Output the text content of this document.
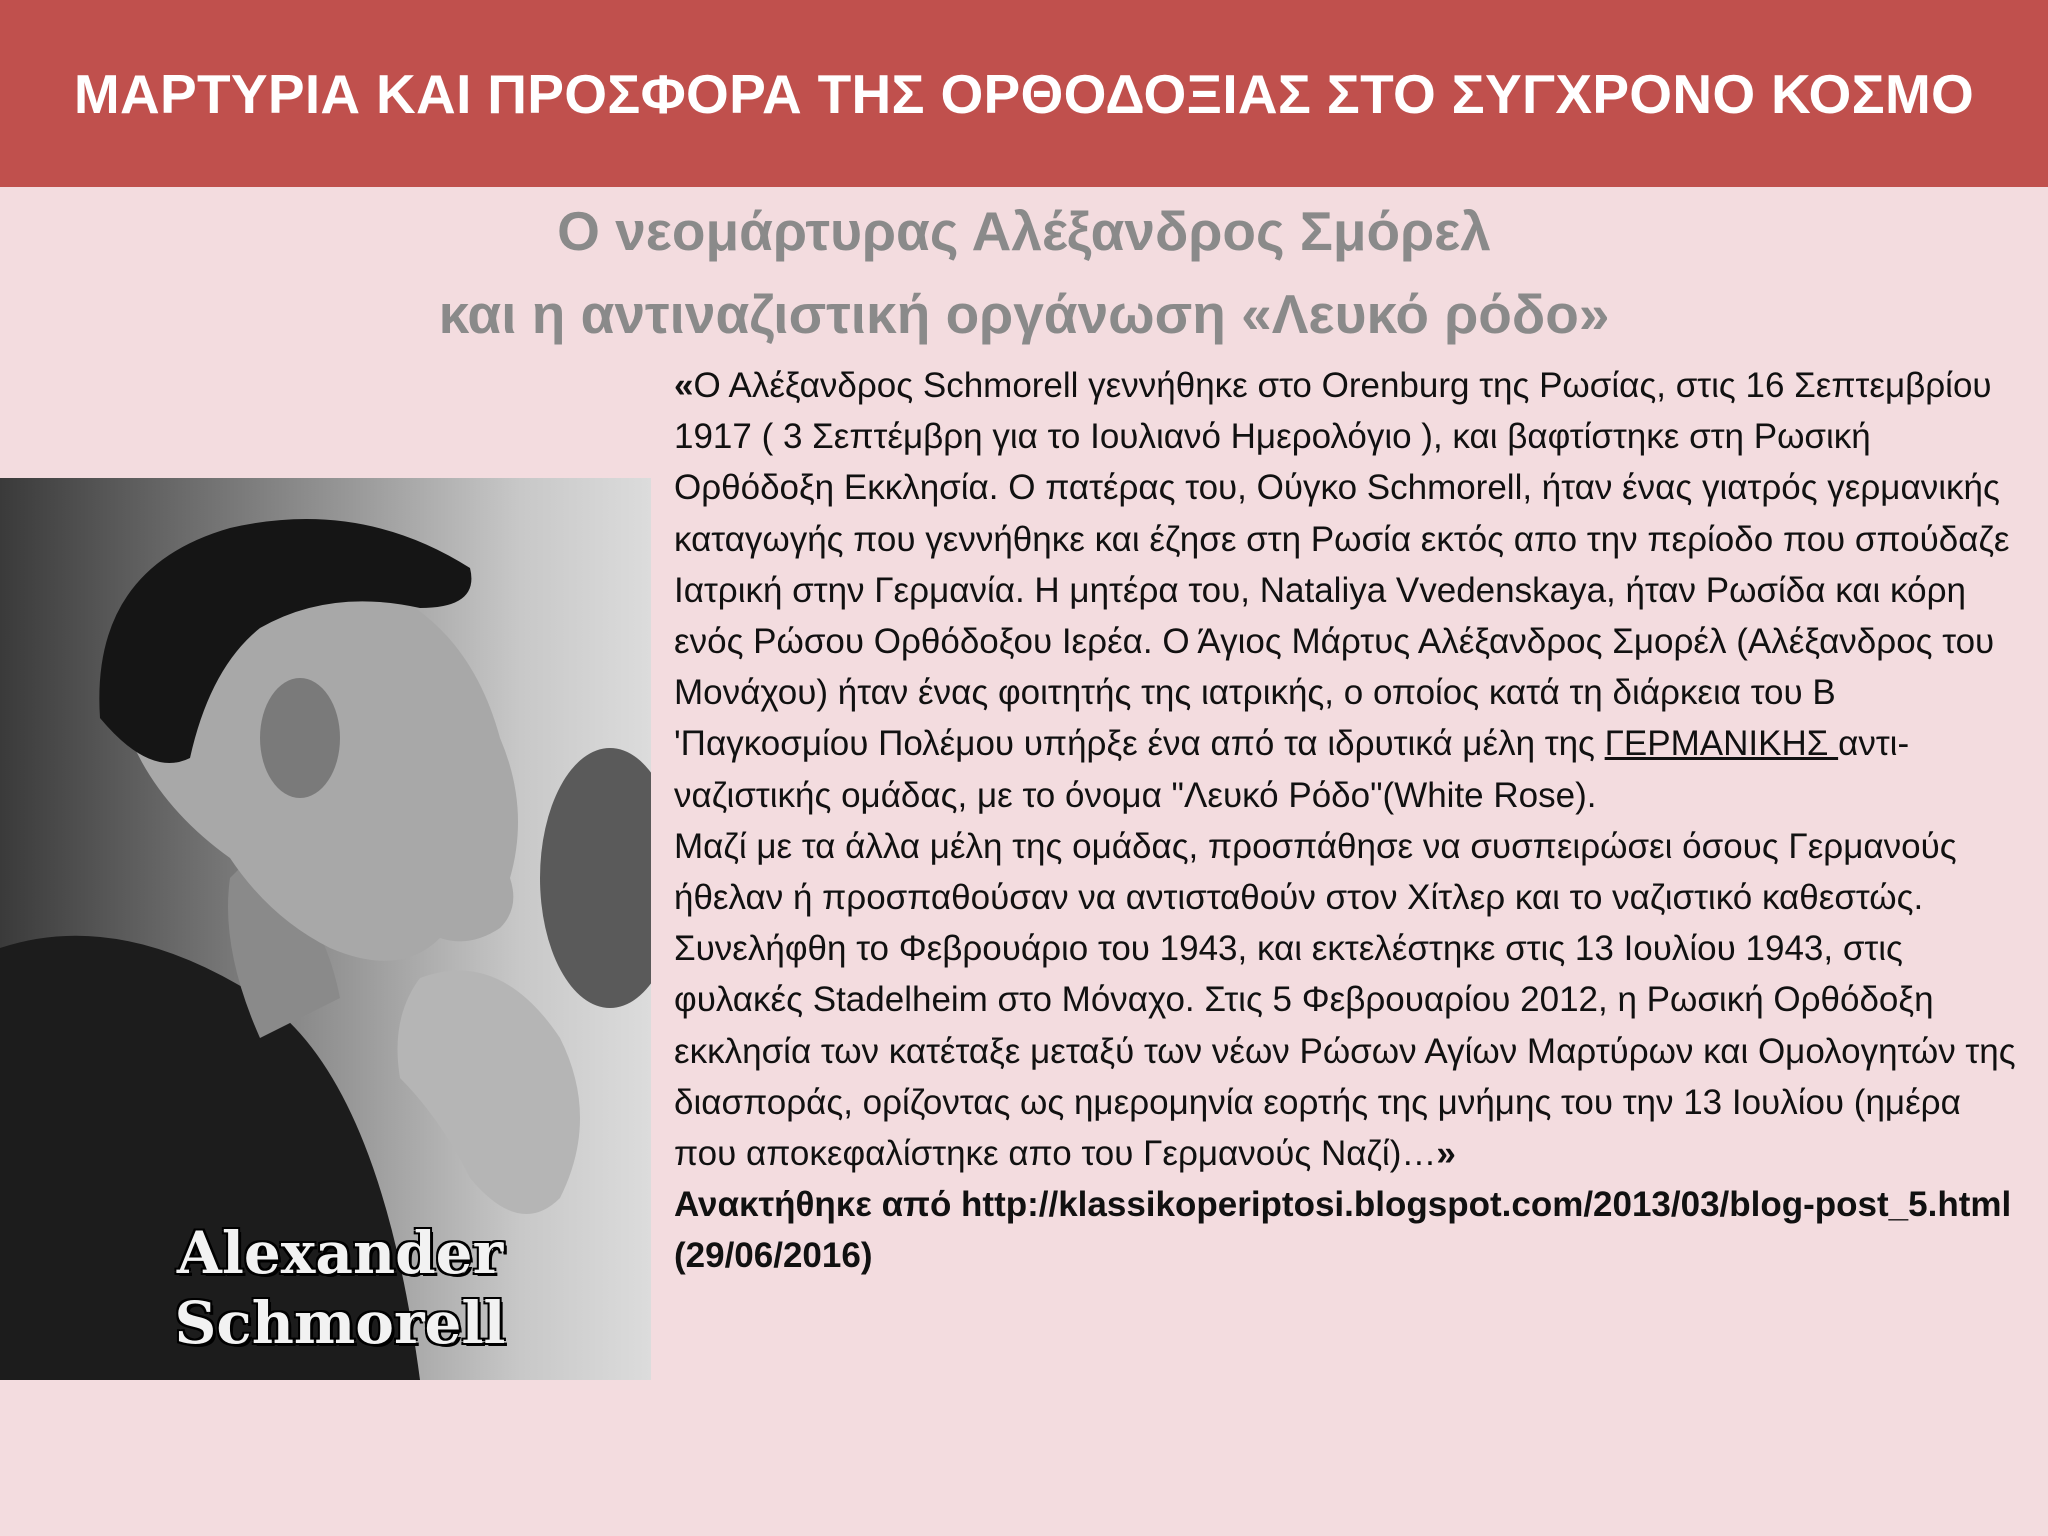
ΜΑΡΤΥΡΙΑ ΚΑΙ ΠΡΟΣΦΟΡΑ ΤΗΣ ΟΡΘΟΔΟΞΙΑΣ ΣΤΟ ΣΥΓΧΡΟΝΟ ΚΟΣΜΟ
Ο νεομάρτυρας Αλέξανδρος Σμόρελ
και η αντιναζιστική οργάνωση «Λευκό ρόδο»
Alexander
Schmorell

«Ο Αλέξανδρος Schmorell γεννήθηκε στο Orenburg της Ρωσίας, στις 16 Σεπτεμβρίου 1917 ( 3 Σεπτέμβρη για το Ιουλιανό Ημερολόγιο ), και βαφτίστηκε στη Ρωσική Ορθόδοξη Εκκλησία. Ο πατέρας του, Ούγκο Schmorell, ήταν ένας γιατρός γερμανικής καταγωγής που γεννήθηκε και έζησε στη Ρωσία εκτός απο την περίοδο που σπούδαζε Ιατρική στην Γερμανία. Η μητέρα του, Nataliya Vvedenskaya, ήταν Ρωσίδα και κόρη ενός Ρώσου Ορθόδοξου Ιερέα. Ο Άγιος Μάρτυς Αλέξανδρος Σμορέλ (Αλέξανδρος του Μονάχου) ήταν ένας φοιτητής της ιατρικής, ο οποίος κατά τη διάρκεια του Β 'Παγκοσμίου Πολέμου υπήρξε ένα από τα ιδρυτικά μέλη της ΓΕΡΜΑΝΙΚΗΣ αντι-ναζιστικής ομάδας, με το όνομα "Λευκό Ρόδο"(White Rose).

Μαζί με τα άλλα μέλη της ομάδας, προσπάθησε να συσπειρώσει όσους Γερμανούς ήθελαν ή προσπαθούσαν να αντισταθούν στον Χίτλερ και το ναζιστικό καθεστώς.

Συνελήφθη το Φεβρουάριο του 1943, και εκτελέστηκε στις 13 Ιουλίου 1943, στις φυλακές Stadelheim στο Μόναχο. Στις 5 Φεβρουαρίου 2012, η Ρωσική Ορθόδοξη εκκλησία των κατέταξε μεταξύ των νέων Ρώσων Αγίων Μαρτύρων και Ομολογητών της διασποράς, ορίζοντας ως ημερομηνία εορτής της μνήμης του την 13 Ιουλίου (ημέρα που αποκεφαλίστηκε απο του Γερμανούς Ναζί)…»

Ανακτήθηκε από http://klassikoperiptosi.blogspot.com/2013/03/blog-post_5.html (29/06/2016)
